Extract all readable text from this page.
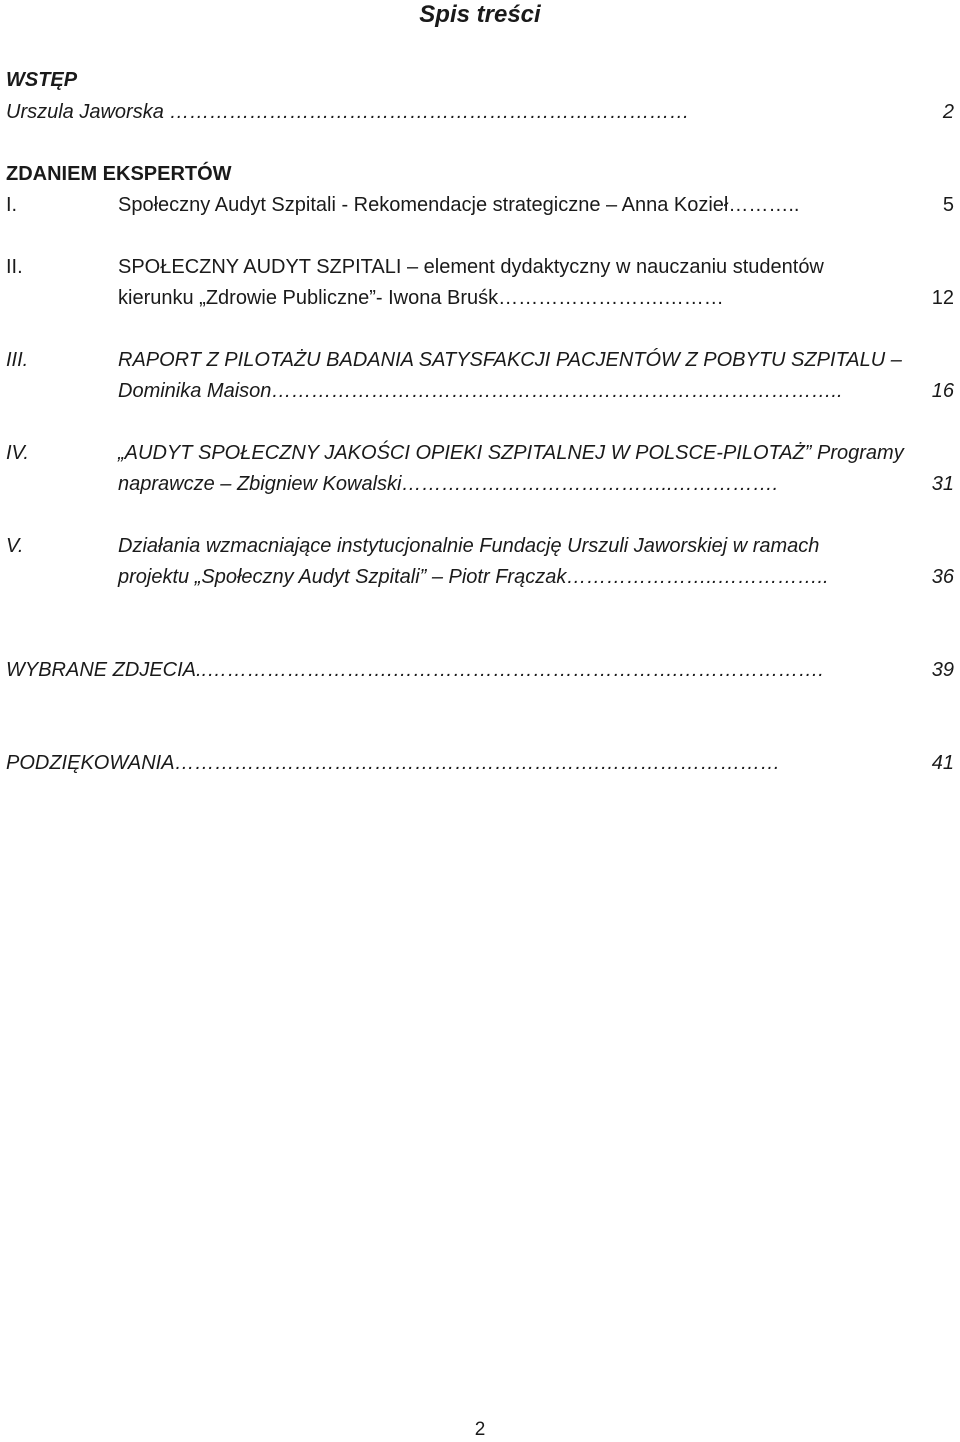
Spis treści
WSTĘP
Urszula Jaworska ……………………………………………………………………	2
ZDANIEM EKSPERTÓW
I.	Społeczny Audyt Szpitali - Rekomendacje strategiczne – Anna Kozieł………..	5
II.	SPOŁECZNY AUDYT SZPITALI – element dydaktyczny w nauczaniu studentów
kierunku „Zdrowie Publiczne”- Iwona Bruśk…………………….………	12
III.	RAPORT Z PILOTAŻU BADANIA SATYSFAKCJI PACJENTÓW Z POBYTU SZPITALU –
Dominika Maison…………………………………………………………………………..	16
IV.	„AUDYT SPOŁECZNY JAKOŚCI OPIEKI SZPITALNEJ W POLSCE-PILOTAŻ” Programy
naprawcze – Zbigniew Kowalski…………………………………..…………….	31
V.	Działania wzmacniające instytucjonalnie Fundację Urszuli Jaworskiej w ramach
projektu „Społeczny Audyt Szpitali” – Piotr Frączak…………………..……………..	36
WYBRANE ZDJECIA..……………………….…………………………………….………………….	39
PODZIĘKOWANIA……………………………………………………….………………………	41
2
